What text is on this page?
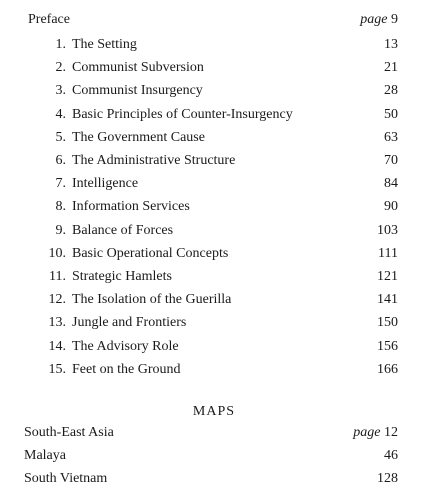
Preface	page 9
1. The Setting	13
2. Communist Subversion	21
3. Communist Insurgency	28
4. Basic Principles of Counter-Insurgency	50
5. The Government Cause	63
6. The Administrative Structure	70
7. Intelligence	84
8. Information Services	90
9. Balance of Forces	103
10. Basic Operational Concepts	111
11. Strategic Hamlets	121
12. The Isolation of the Guerilla	141
13. Jungle and Frontiers	150
14. The Advisory Role	156
15. Feet on the Ground	166
MAPS
South-East Asia	page 12
Malaya	46
South Vietnam	128
